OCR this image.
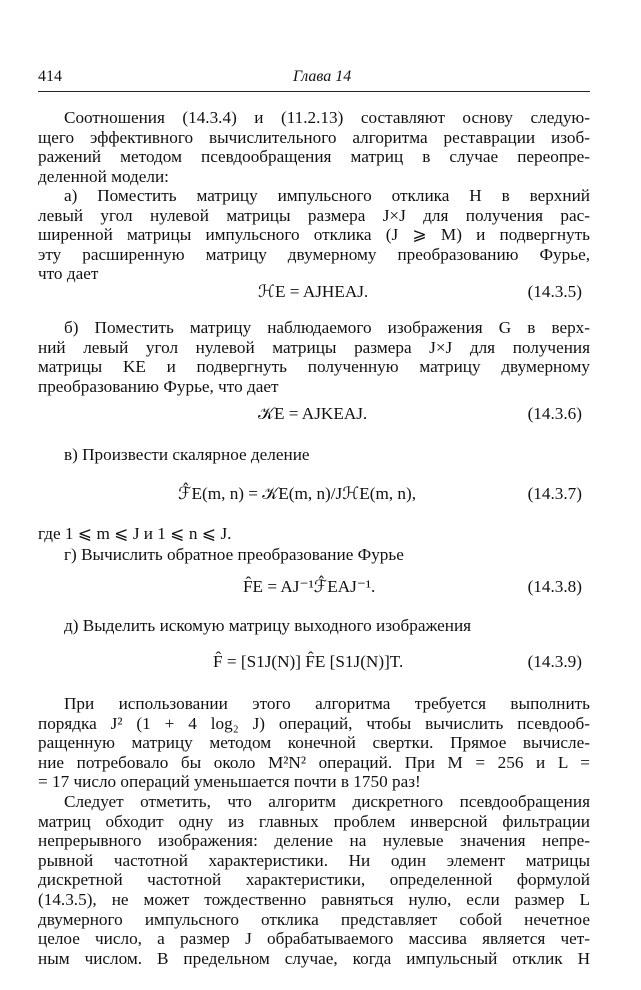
414	Глава 14
Соотношения (14.3.4) и (11.2.13) составляют основу следую-
щего эффективного вычислительного алгоритма реставрации изоб-
ражений методом псевдообращения матриц в случае переопре-
деленной модели:
а) Поместить матрицу импульсного отклика H в верхний
левый угол нулевой матрицы размера J×J для получения рас-
ширенной матрицы импульсного отклика (J ⩾ M) и подвергнуть
эту расширенную матрицу двумерному преобразованию Фурье,
что дает
ℋE = AJHEAJ.	(14.3.5)
б) Поместить матрицу наблюдаемого изображения G в верх-
ний левый угол нулевой матрицы размера J×J для получения
матрицы KE и подвергнуть полученную матрицу двумерному
преобразованию Фурье, что дает
𝒦E = AJKEAJ.	(14.3.6)
в) Произвести скалярное деление
ℱ̂E(m, n) = 𝒦E(m, n)/JℋE(m, n),	(14.3.7)
где 1 ⩽ m ⩽ J и 1 ⩽ n ⩽ J.
г) Вычислить обратное преобразование Фурье
F̂E = AJ⁻¹ℱ̂EAJ⁻¹.	(14.3.8)
д) Выделить искомую матрицу выходного изображения
F̂ = [S1J(N)] F̂E [S1J(N)]T.	(14.3.9)
При использовании этого алгоритма требуется выполнить
порядка J² (1 + 4 log₂ J) операций, чтобы вычислить псевдооб-
ращенную матрицу методом конечной свертки. Прямое вычисле-
ние потребовало бы около M²N² операций. При M = 256 и L =
= 17 число операций уменьшается почти в 1750 раз!
Следует отметить, что алгоритм дискретного псевдообращения
матриц обходит одну из главных проблем инверсной фильтрации
непрерывного изображения: деление на нулевые значения непре-
рывной частотной характеристики. Ни один элемент матрицы
дискретной частотной характеристики, определенной формулой
(14.3.5), не может тождественно равняться нулю, если размер L
двумерного импульсного отклика представляет собой нечетное
целое число, а размер J обрабатываемого массива является чет-
ным числом. В предельном случае, когда импульсный отклик H
